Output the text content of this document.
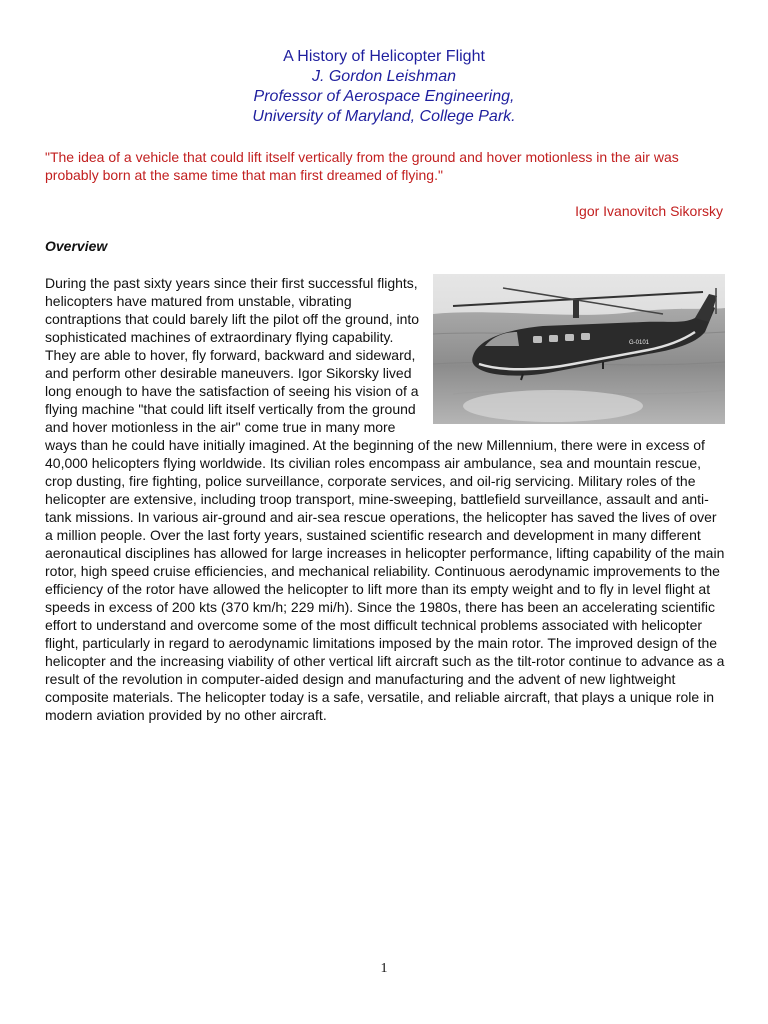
A History of Helicopter Flight
J. Gordon Leishman
Professor of Aerospace Engineering,
University of Maryland, College Park.
"The idea of a vehicle that could lift itself vertically from the ground and hover motionless in the air was probably born at the same time that man first dreamed of flying."
Igor Ivanovitch Sikorsky
Overview
G-0101
During the past sixty years since their first successful flights, helicopters have matured from unstable, vibrating contraptions that could barely lift the pilot off the ground, into sophisticated machines of extraordinary flying capability. They are able to hover, fly forward, backward and sideward, and perform other desirable maneuvers. Igor Sikorsky lived long enough to have the satisfaction of seeing his vision of a flying machine "that could lift itself vertically from the ground and hover motionless in the air" come true in many more ways than he could have initially imagined. At the beginning of the new Millennium, there were in excess of 40,000 helicopters flying worldwide. Its civilian roles encompass air ambulance, sea and mountain rescue, crop dusting, fire fighting, police surveillance, corporate services, and oil-rig servicing. Military roles of the helicopter are extensive, including troop transport, mine-sweeping, battlefield surveillance, assault and anti-tank missions. In various air-ground and air-sea rescue operations, the helicopter has saved the lives of over a million people. Over the last forty years, sustained scientific research and development in many different aeronautical disciplines has allowed for large increases in helicopter performance, lifting capability of the main rotor, high speed cruise efficiencies, and mechanical reliability. Continuous aerodynamic improvements to the efficiency of the rotor have allowed the helicopter to lift more than its empty weight and to fly in level flight at speeds in excess of 200 kts (370 km/h; 229 mi/h). Since the 1980s, there has been an accelerating scientific effort to understand and overcome some of the most difficult technical problems associated with helicopter flight, particularly in regard to aerodynamic limitations imposed by the main rotor. The improved design of the helicopter and the increasing viability of other vertical lift aircraft such as the tilt-rotor continue to advance as a result of the revolution in computer-aided design and manufacturing and the advent of new lightweight composite materials. The helicopter today is a safe, versatile, and reliable aircraft, that plays a unique role in modern aviation provided by no other aircraft.
1
